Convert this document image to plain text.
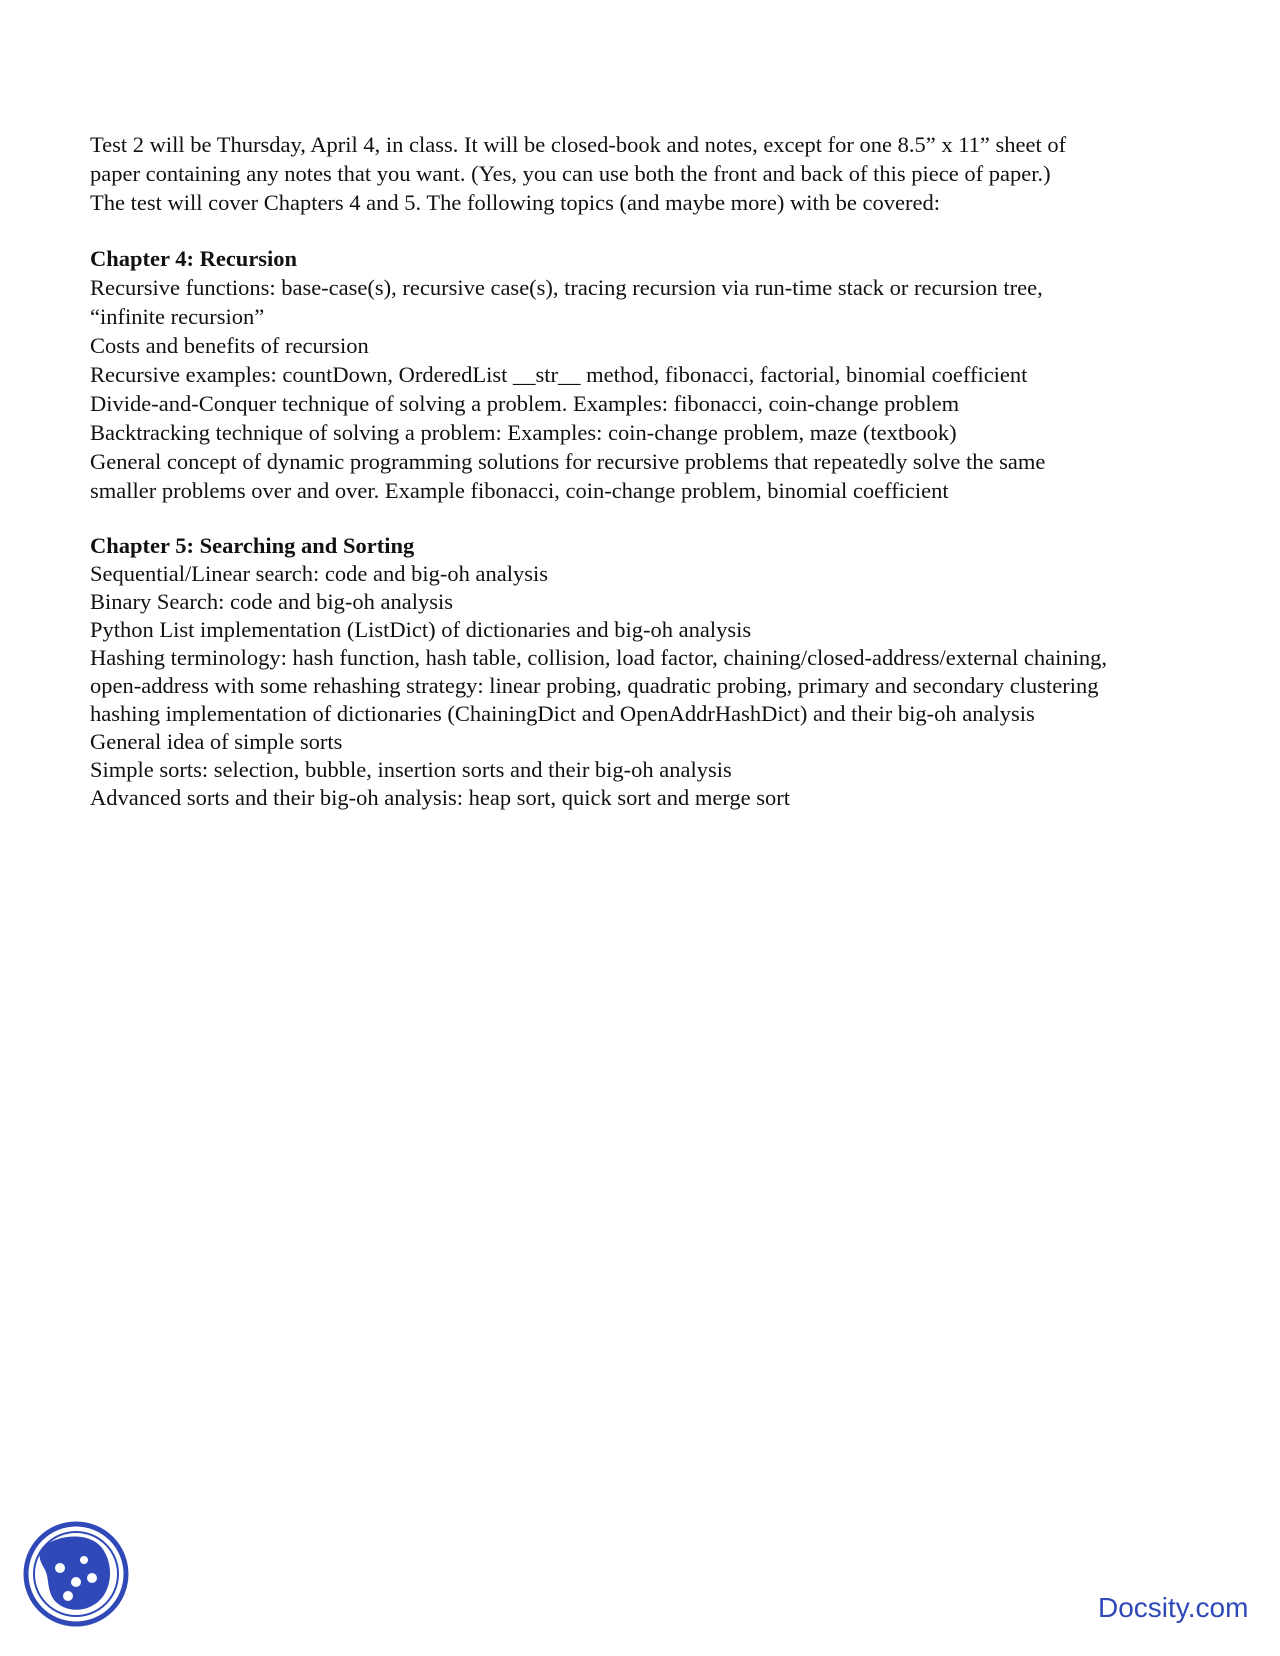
Test 2 will be Thursday, April 4, in class. It will be closed-book and notes, except for one 8.5” x 11” sheet of
paper containing any notes that you want. (Yes, you can use both the front and back of this piece of paper.)
The test will cover Chapters 4 and 5. The following topics (and maybe more) with be covered:
Chapter 4: Recursion
Recursive functions: base-case(s), recursive case(s), tracing recursion via run-time stack or recursion tree,
“infinite recursion”
Costs and benefits of recursion
Recursive examples: countDown, OrderedList __str__ method, fibonacci, factorial, binomial coefficient
Divide-and-Conquer technique of solving a problem. Examples: fibonacci, coin-change problem
Backtracking technique of solving a problem: Examples: coin-change problem, maze (textbook)
General concept of dynamic programming solutions for recursive problems that repeatedly solve the same
smaller problems over and over. Example fibonacci, coin-change problem, binomial coefficient
Chapter 5: Searching and Sorting
Sequential/Linear search: code and big-oh analysis
Binary Search: code and big-oh analysis
Python List implementation (ListDict) of dictionaries and big-oh analysis
Hashing terminology: hash function, hash table, collision, load factor, chaining/closed-address/external chaining,
open-address with some rehashing strategy: linear probing, quadratic probing, primary and secondary clustering
hashing implementation of dictionaries (ChainingDict and OpenAddrHashDict) and their big-oh analysis
General idea of simple sorts
Simple sorts: selection, bubble, insertion sorts and their big-oh analysis
Advanced sorts and their big-oh analysis: heap sort, quick sort and merge sort
Docsity.com
